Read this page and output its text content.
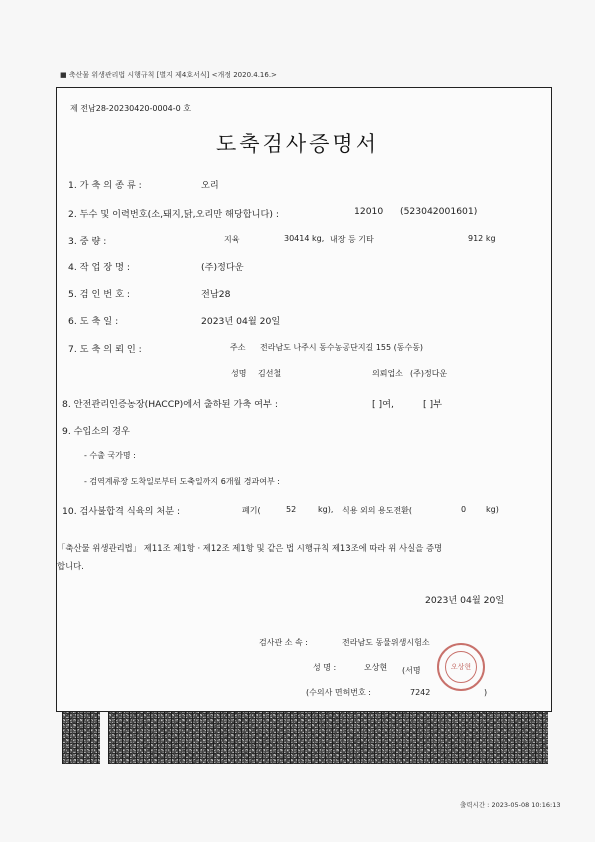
■ 축산물 위생관리법 시행규칙 [별지 제4호서식] <개정 2020.4.16.>
제 전남28-20230420-0004-0 호
도축검사증명서
1. 가 축 의 종 류 :	오리
2. 두수 및 이력번호(소,돼지,닭,오리만 해당합니다) :	12010 (523042001601)
3. 중 량 :	지육	30414 kg, 내장 등 기타	912 kg
4. 작 업 장 명 :	(주)정다운
5. 검 인 번 호 :	전남28
6. 도 축 일 :	2023년 04월 20일
7. 도 축 의 뢰 인 :	주소 전라남도 나주시 동수농공단지길 155 (동수동)
성명 김선철	의뢰업소 (주)정다운
8. 안전관리인증농장(HACCP)에서 출하된 가축 여부 :	[ ]여,	[ ]부
9. 수입소의 경우
- 수출 국가명 :
- 검역계류장 도착일로부터 도축일까지 6개월 경과여부 :
10. 검사불합격 식육의 처분 :	폐기(	52	kg), 식용 외의 용도전환(	0 kg)
「축산물 위생관리법」 제11조 제1항 · 제12조 제1항 및 같은 법 시행규칙 제13조에 따라 위 사실을 증명
합니다.
2023년 04월 20일
검사관 소 속 :	전라남도 동물위생시험소
성 명 :	오상현 (서명
(수의사 면허번호 :	7242	)
오상현
출력시간 : 2023-05-08 10:16:13
